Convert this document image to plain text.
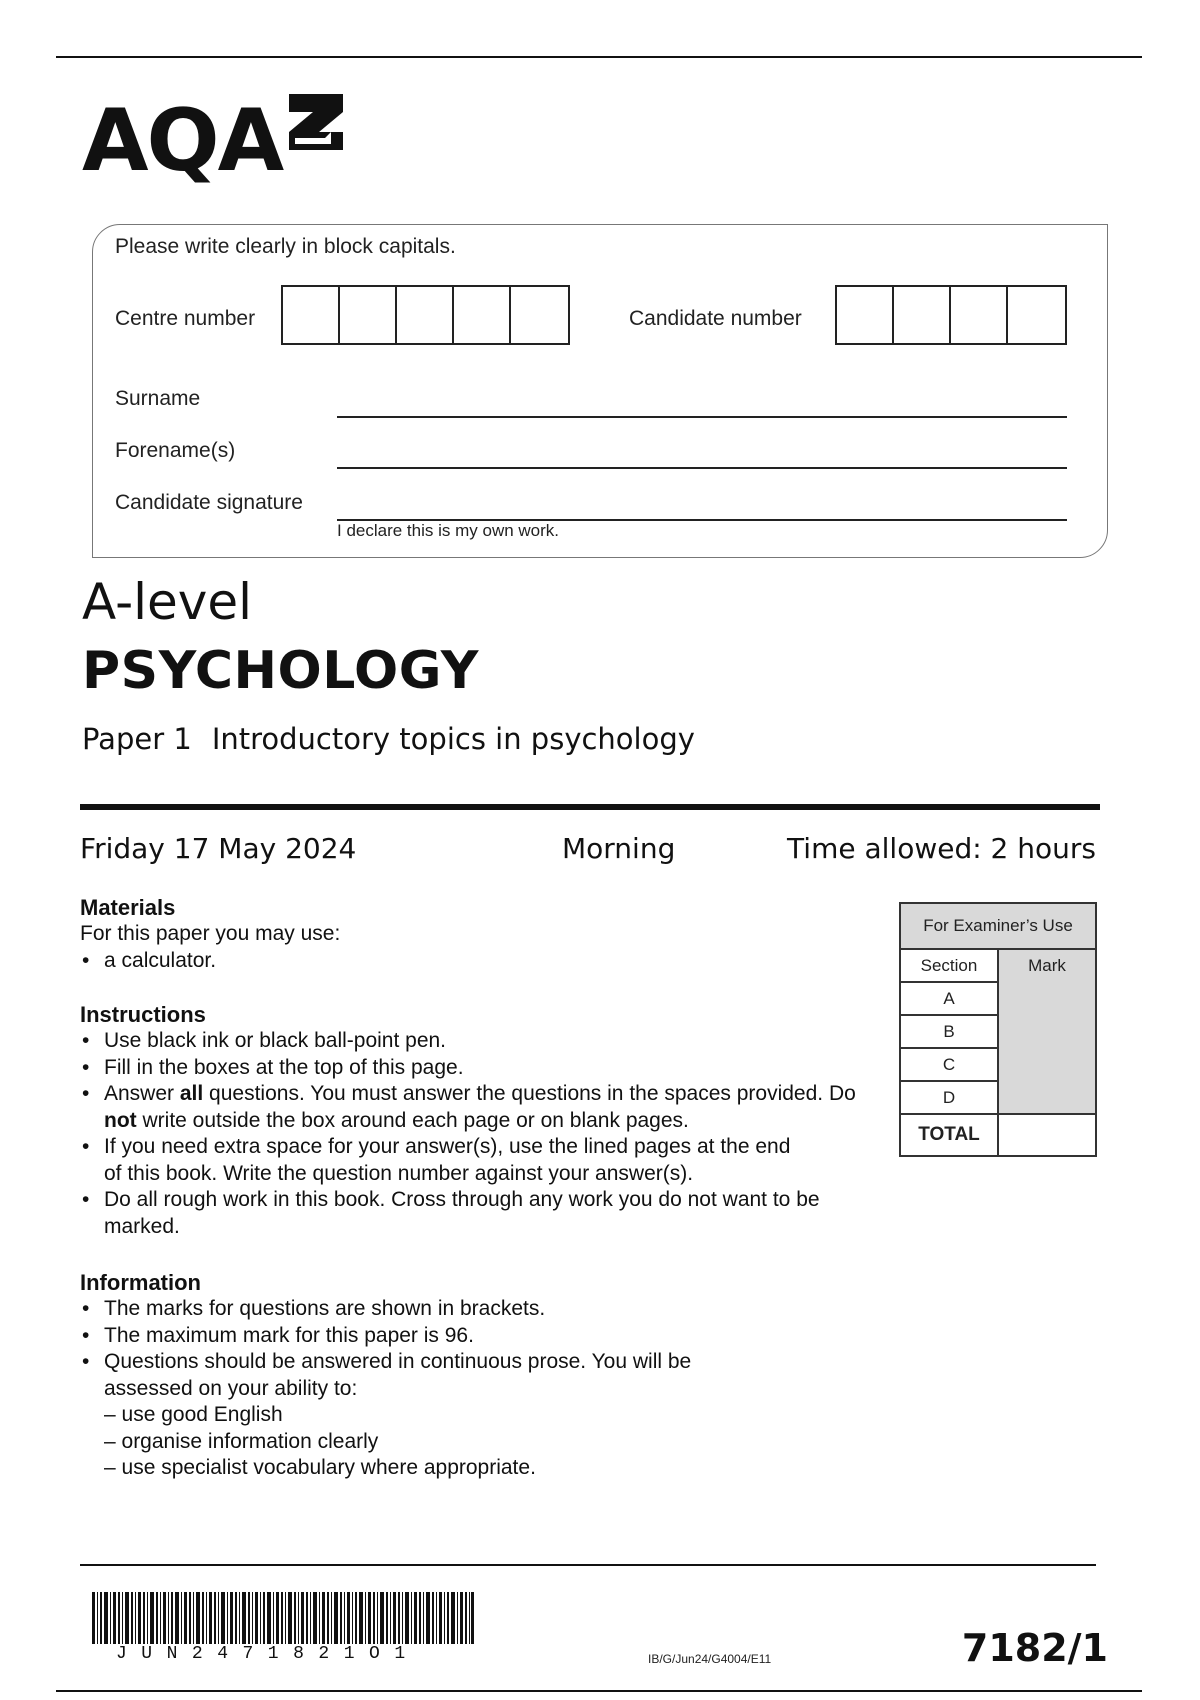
AQA
Please write clearly in block capitals.
Centre number	Candidate number
Surname
Forename(s)
Candidate signature
I declare this is my own work.
A-level
PSYCHOLOGY
Paper 1 Introductory topics in psychology
Friday 17 May 2024	Morning	Time allowed: 2 hours
Materials

For this paper you may use:

• a calculator.
Instructions
• Use black ink or black ball-point pen.
• Fill in the boxes at the top of this page.
• Answer all questions. You must answer the questions in the spaces provided. Do not write outside the box around each page or on blank pages.
• If you need extra space for your answer(s), use the lined pages at the end of this book. Write the question number against your answer(s).
• Do all rough work in this book. Cross through any work you do not want to be marked.
Information
• The marks for questions are shown in brackets.
• The maximum mark for this paper is 96.
• Questions should be answered in continuous prose. You will be assessed on your ability to:
– use good English
– organise information clearly
– use specialist vocabulary where appropriate.
For Examiner’s Use	
Section	Mark
A	
B	
C	
D	
TOTAL	
JUN2471821O1	IB/G/Jun24/G4004/E11	7182/1
